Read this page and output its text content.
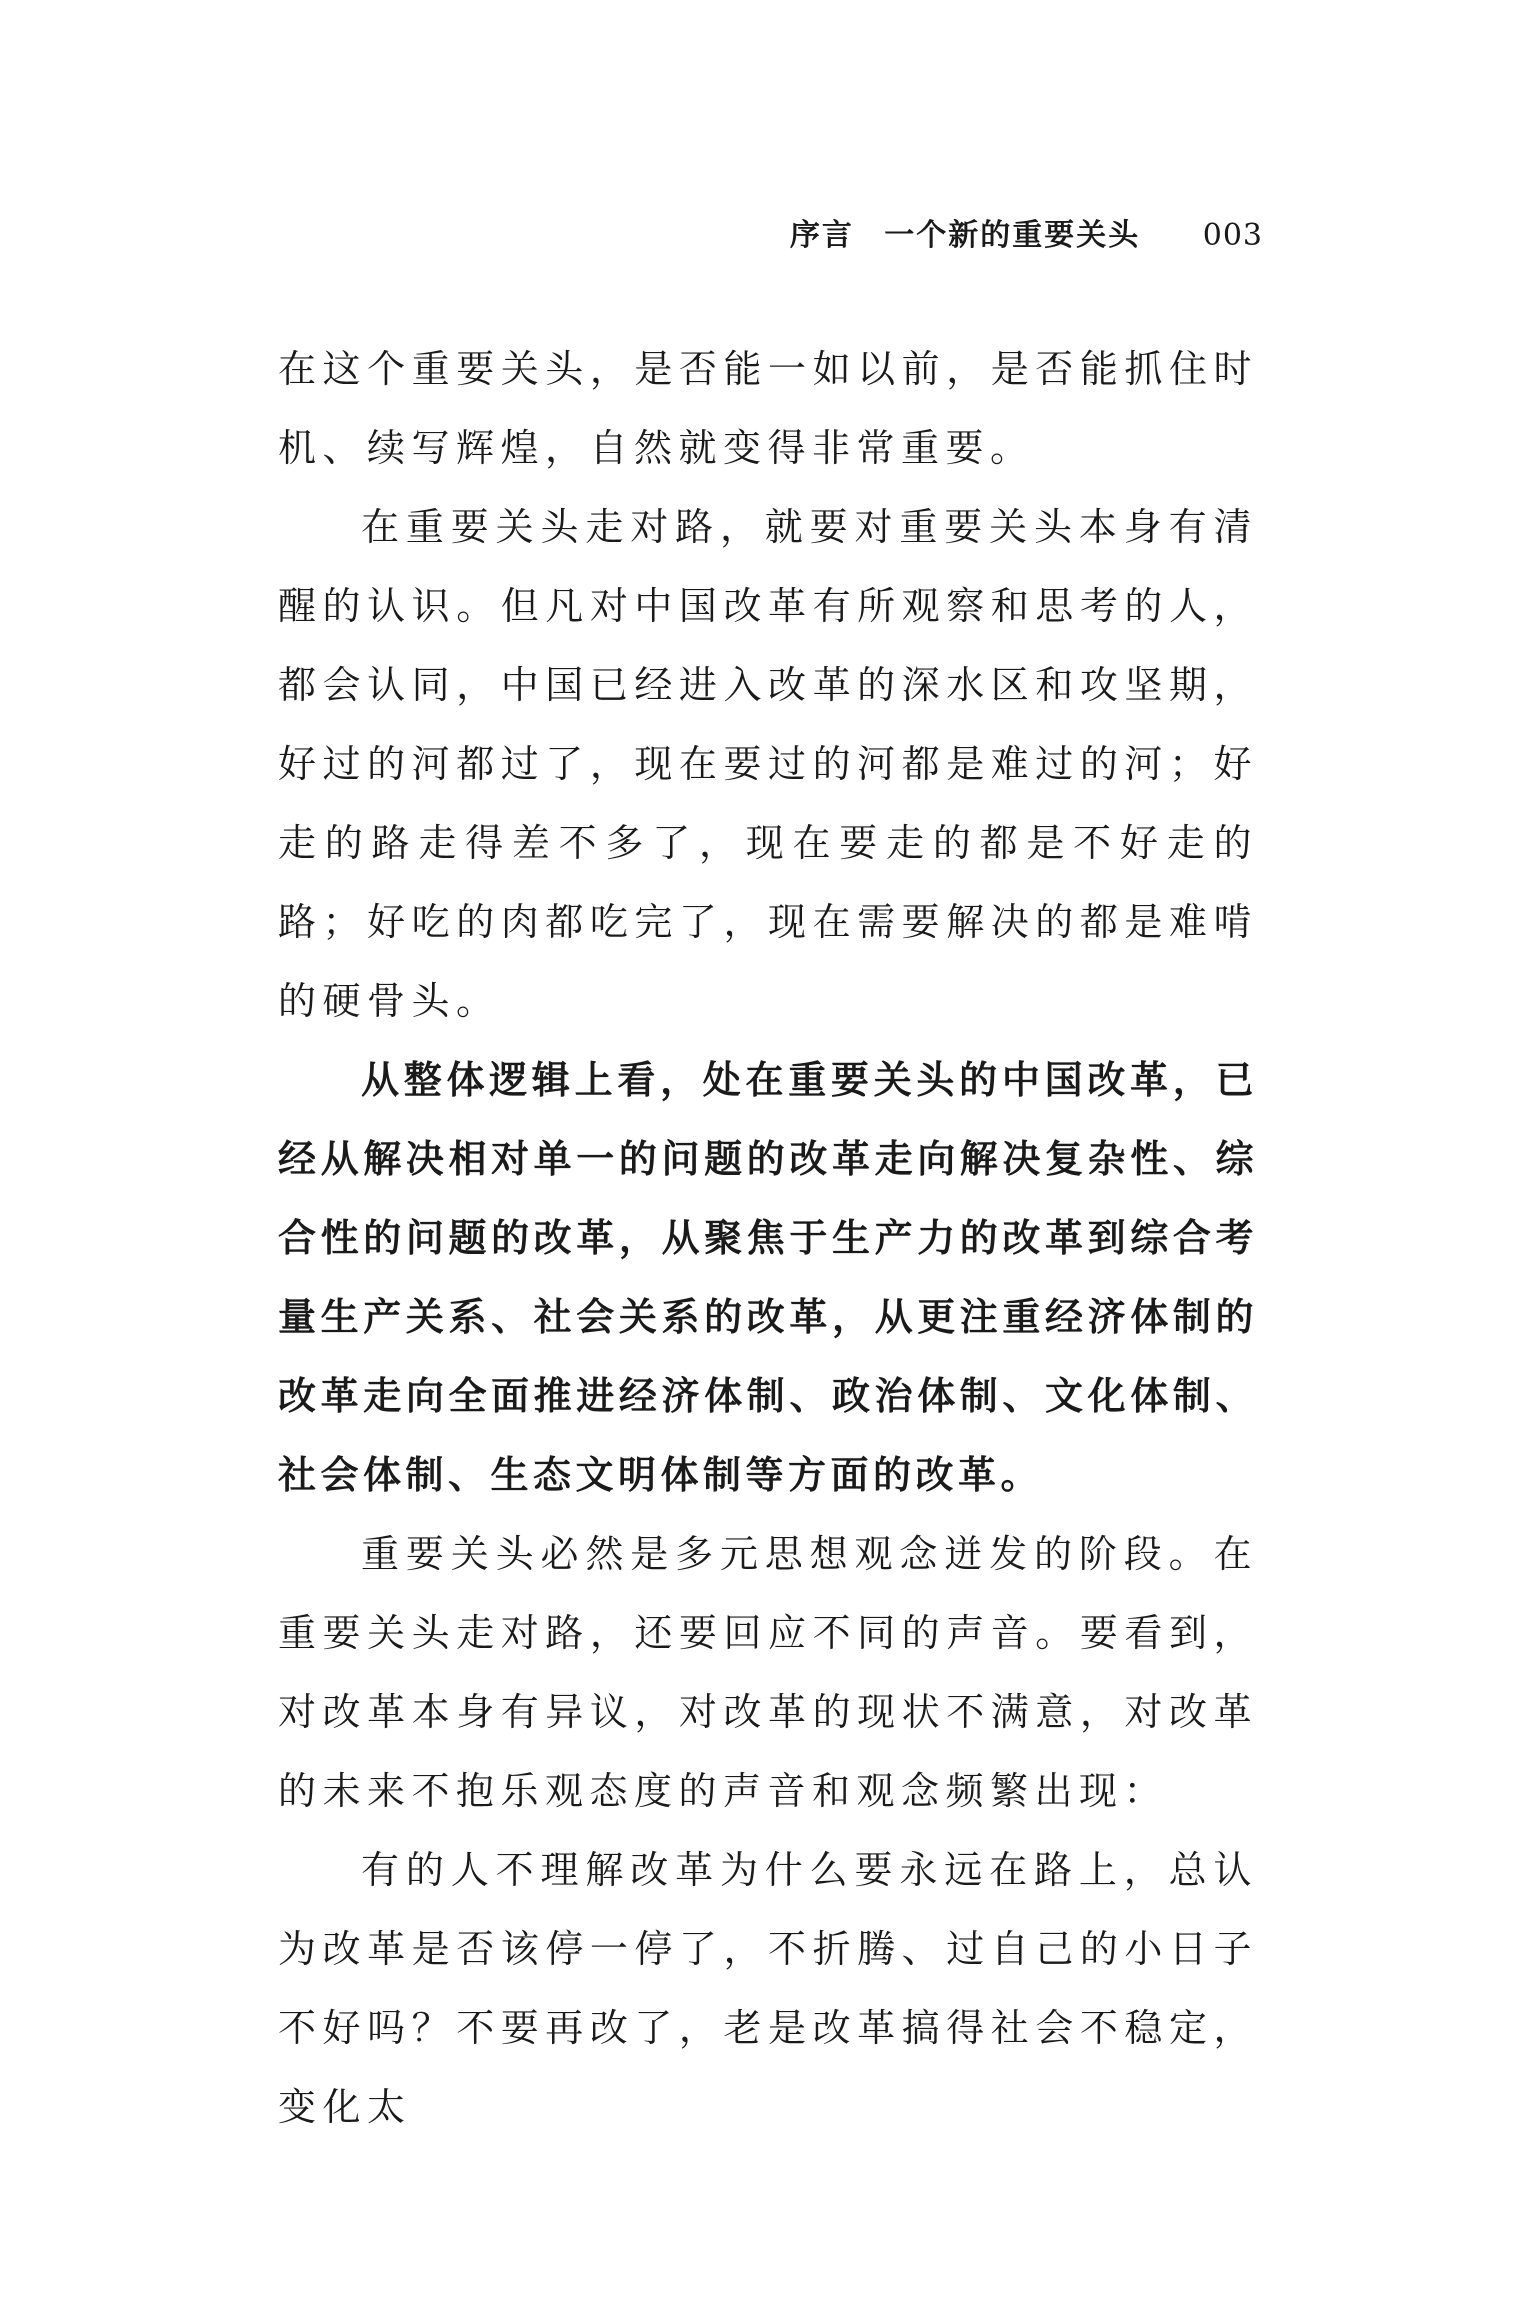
序言 一个新的重要关头 003

在这个重要关头，是否能一如以前，是否能抓住时机、续写辉煌，自然就变得非常重要。

在重要关头走对路，就要对重要关头本身有清醒的认识。但凡对中国改革有所观察和思考的人，都会认同，中国已经进入改革的深水区和攻坚期，好过的河都过了，现在要过的河都是难过的河；好走的路走得差不多了，现在要走的都是不好走的路；好吃的肉都吃完了，现在需要解决的都是难啃的硬骨头。

从整体逻辑上看，处在重要关头的中国改革，已经从解决相对单一的问题的改革走向解决复杂性、综合性的问题的改革，从聚焦于生产力的改革到综合考量生产关系、社会关系的改革，从更注重经济体制的改革走向全面推进经济体制、政治体制、文化体制、社会体制、生态文明体制等方面的改革。

重要关头必然是多元思想观念迸发的阶段。在重要关头走对路，还要回应不同的声音。要看到，对改革本身有异议，对改革的现状不满意，对改革的未来不抱乐观态度的声音和观念频繁出现：

有的人不理解改革为什么要永远在路上，总认为改革是否该停一停了，不折腾、过自己的小日子不好吗？不要再改了，老是改革搞得社会不稳定，变化太
